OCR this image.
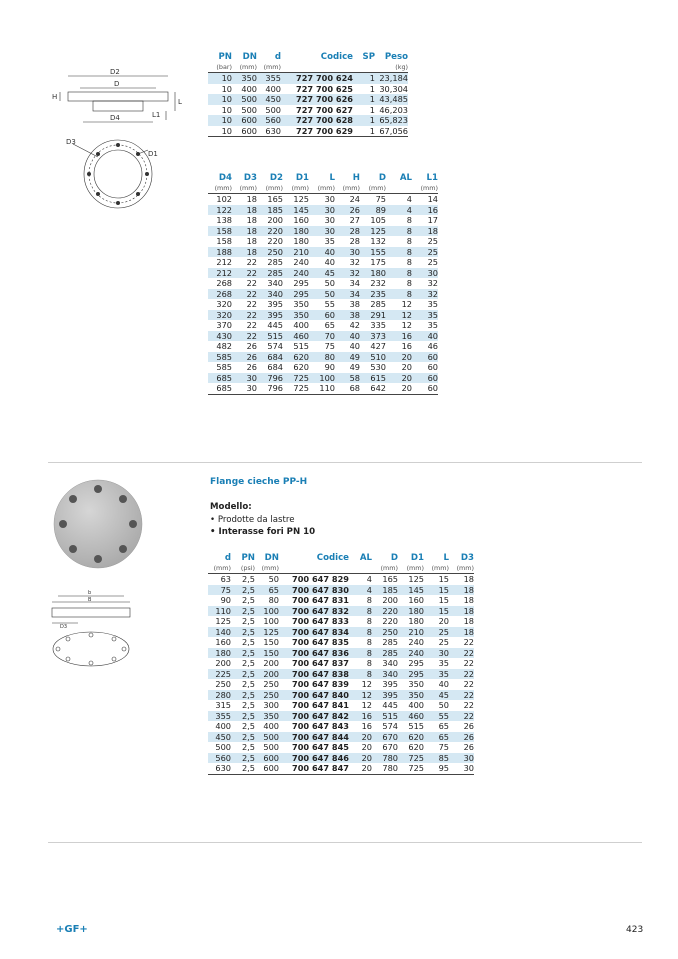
D2
D
H
D4
L
L1
D3
D1
PN	DN	d	Codice	SP	Peso
(bar)	(mm)	(mm)			(kg)
10	350	355	727 700 624	1	23,184
10	400	400	727 700 625	1	30,304
10	500	450	727 700 626	1	43,485
10	500	500	727 700 627	1	46,203
10	600	560	727 700 628	1	65,823
10	600	630	727 700 629	1	67,056
D4	D3	D2	D1	L	H	D	AL	L1
(mm)	(mm)	(mm)	(mm)	(mm)	(mm)	(mm)		(mm)
102	18	165	125	30	24	75	4	14
122	18	185	145	30	26	89	4	16
138	18	200	160	30	27	105	8	17
158	18	220	180	30	28	125	8	18
158	18	220	180	35	28	132	8	25
188	18	250	210	40	30	155	8	25
212	22	285	240	40	32	175	8	25
212	22	285	240	45	32	180	8	30
268	22	340	295	50	34	232	8	32
268	22	340	295	50	34	235	8	32
320	22	395	350	55	38	285	12	35
320	22	395	350	60	38	291	12	35
370	22	445	400	65	42	335	12	35
430	22	515	460	70	40	373	16	40
482	26	574	515	75	40	427	16	46
585	26	684	620	80	49	510	20	60
585	26	684	620	90	49	530	20	60
685	30	796	725	100	58	615	20	60
685	30	796	725	110	68	642	20	60
b
B
D3
Flange cieche PP-H
Modello:
• Prodotte da lastre
• Interasse fori PN 10
d	PN	DN	Codice	AL	D	D1	L	D3
(mm)	(psi)	(mm)			(mm)	(mm)	(mm)	(mm)
63	2,5	50	700 647 829	4	165	125	15	18
75	2,5	65	700 647 830	4	185	145	15	18
90	2,5	80	700 647 831	8	200	160	15	18
110	2,5	100	700 647 832	8	220	180	15	18
125	2,5	100	700 647 833	8	220	180	20	18
140	2,5	125	700 647 834	8	250	210	25	18
160	2,5	150	700 647 835	8	285	240	25	22
180	2,5	150	700 647 836	8	285	240	30	22
200	2,5	200	700 647 837	8	340	295	35	22
225	2,5	200	700 647 838	8	340	295	35	22
250	2,5	250	700 647 839	12	395	350	40	22
280	2,5	250	700 647 840	12	395	350	45	22
315	2,5	300	700 647 841	12	445	400	50	22
355	2,5	350	700 647 842	16	515	460	55	22
400	2,5	400	700 647 843	16	574	515	65	26
450	2,5	500	700 647 844	20	670	620	65	26
500	2,5	500	700 647 845	20	670	620	75	26
560	2,5	600	700 647 846	20	780	725	85	30
630	2,5	600	700 647 847	20	780	725	95	30
+GF+	423
